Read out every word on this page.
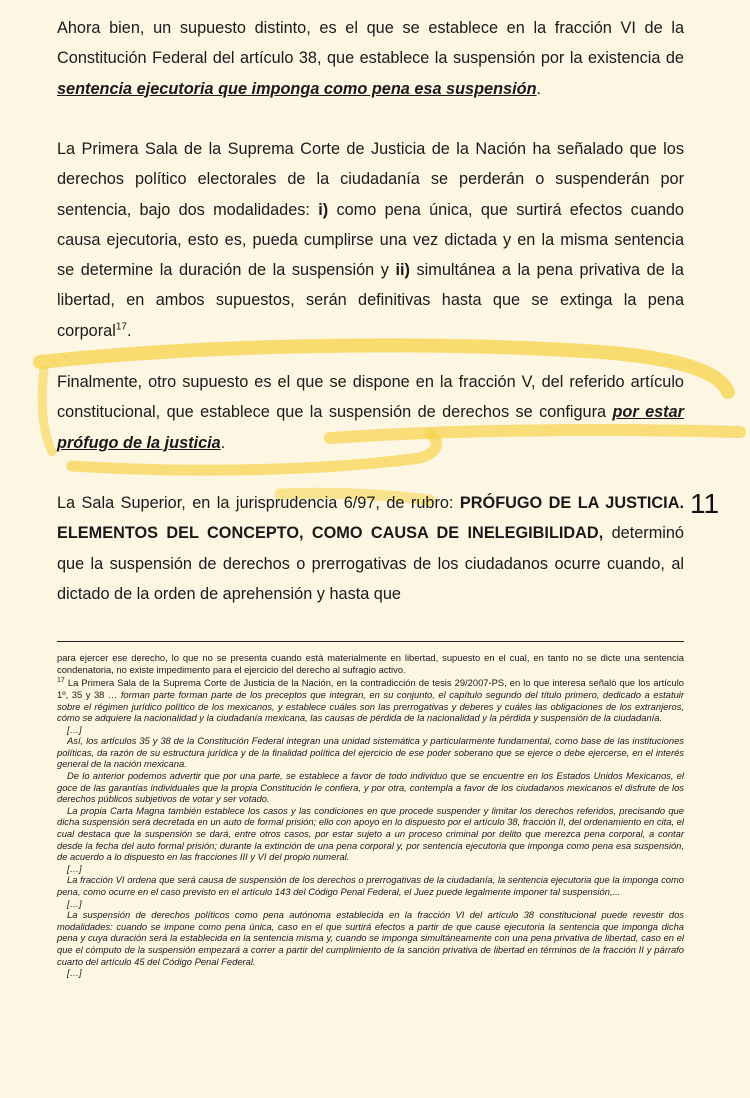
Ahora bien, un supuesto distinto, es el que se establece en la fracción VI de la Constitución Federal del artículo 38, que establece la suspensión por la existencia de sentencia ejecutoria que imponga como pena esa suspensión.

La Primera Sala de la Suprema Corte de Justicia de la Nación ha señalado que los derechos político electorales de la ciudadanía se perderán o suspenderán por sentencia, bajo dos modalidades: i) como pena única, que surtirá efectos cuando causa ejecutoria, esto es, pueda cumplirse una vez dictada y en la misma sentencia se determine la duración de la suspensión y ii) simultánea a la pena privativa de la libertad, en ambos supuestos, serán definitivas hasta que se extinga la pena corporal$^{17}$.

Finalmente, otro supuesto es el que se dispone en la fracción V, del referido artículo constitucional, que establece que la suspensión de derechos se configura por estar prófugo de la justicia.

La Sala Superior, en la jurisprudencia 6/97, de rubro: PRÓFUGO DE LA JUSTICIA. ELEMENTOS DEL CONCEPTO, COMO CAUSA DE INELEGIBILIDAD, determinó que la suspensión de derechos o prerrogativas de los ciudadanos ocurre cuando, al dictado de la orden de aprehensión y hasta que

11
para ejercer ese derecho, lo que no se presenta cuando está materialmente en libertad, supuesto en el cual, en tanto no se dicte una sentencia condenatoria, no existe impedimento para el ejercicio del derecho al sufragio activo.
$^{17}$ La Primera Sala de la Suprema Corte de Justicia de la Nación, en la contradicción de tesis 29/2007-PS, en lo que interesa señaló que los artículo 1º, 35 y 38 … forman parte forman parte de los preceptos que integran, en su conjunto, el capítulo segundo del título primero, dedicado a estatuir sobre el régimen jurídico político de los mexicanos, y establece cuáles son las prerrogativas y deberes y cuáles las obligaciones de los extranjeros, cómo se adquiere la nacionalidad y la ciudadanía mexicana, las causas de pérdida de la nacionalidad y la pérdida y suspensión de la ciudadanía.
[…]
Así, los artículos 35 y 38 de la Constitución Federal integran una unidad sistemática y particularmente fundamental, como base de las instituciones políticas, da razón de su estructura jurídica y de la finalidad política del ejercicio de ese poder soberano que se ejerce o debe ejercerse, en el interés general de la nación mexicana.
De lo anterior podemos advertir que por una parte, se establece a favor de todo individuo que se encuentre en los Estados Unidos Mexicanos, el goce de las garantías individuales que la propia Constitución le confiera, y por otra, contempla a favor de los ciudadanos mexicanos el disfrute de los derechos públicos subjetivos de votar y ser votado.
La propia Carta Magna también establece los casos y las condiciones en que procede suspender y limitar los derechos referidos, precisando que dicha suspensión será decretada en un auto de formal prisión; ello con apoyo en lo dispuesto por el artículo 38, fracción II, del ordenamiento en cita, el cual destaca que la suspensión se dará, entre otros casos, por estar sujeto a un proceso criminal por delito que merezca pena corporal, a contar desde la fecha del auto formal prisión; durante la extinción de una pena corporal y, por sentencia ejecutoria que imponga como pena esa suspensión, de acuerdo a lo dispuesto en las fracciones III y VI del propio numeral.
[…]
La fracción VI ordena que será causa de suspensión de los derechos o prerrogativas de la ciudadanía, la sentencia ejecutoria que la imponga como pena, como ocurre en el caso previsto en el artículo 143 del Código Penal Federal, el Juez puede legalmente imponer tal suspensión,...
[…]
La suspensión de derechos políticos como pena autónoma establecida en la fracción VI del artículo 38 constitucional puede revestir dos modalidades: cuando se impone como pena única, caso en el que surtirá efectos a partir de que cause ejecutoria la sentencia que imponga dicha pena y cuya duración será la establecida en la sentencia misma y, cuando se imponga simultáneamente con una pena privativa de libertad, caso en el que el cómputo de la suspensión empezará a correr a partir del cumplimiento de la sanción privativa de libertad en términos de la fracción II y párrafo cuarto del artículo 45 del Código Penal Federal.
[…]
